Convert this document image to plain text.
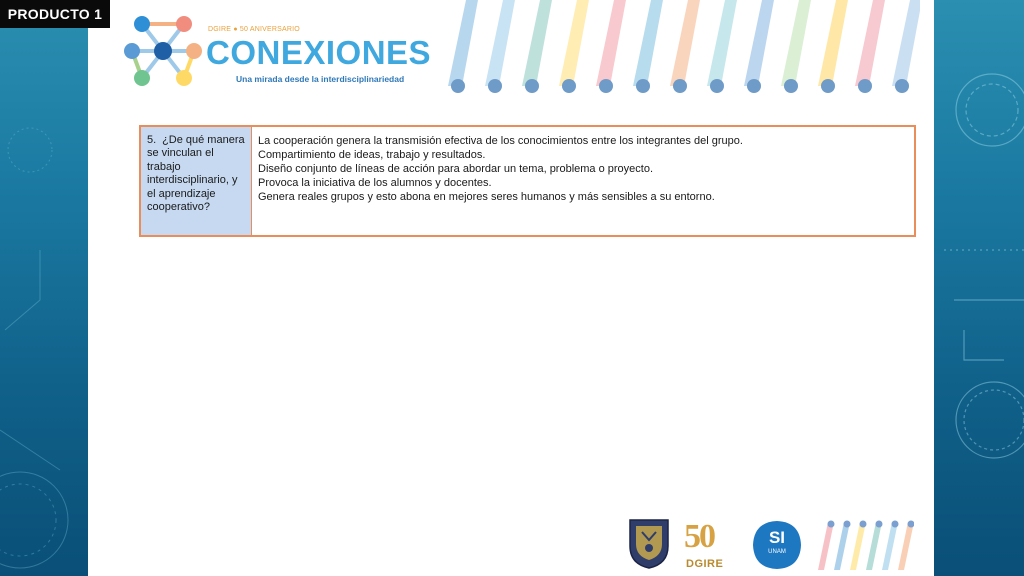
PRODUCTO 1
DGIRE ● 50 ANIVERSARIO
CONEXIONES
Una mirada desde la interdisciplinariedad
5. ¿De qué manera se vinculan el trabajo interdisciplinario, y el aprendizaje cooperativo?	
La cooperación genera la transmisión efectiva de los conocimientos entre los integrantes del grupo.
Compartimiento de ideas, trabajo y resultados.
Diseño conjunto de líneas de acción para abordar un tema, problema o proyecto.
Provoca la iniciativa de los alumnos y docentes.
Genera reales grupos y esto abona en mejores seres humanos y más sensibles a su entorno.
50
DGIRE
SI
UNAM
